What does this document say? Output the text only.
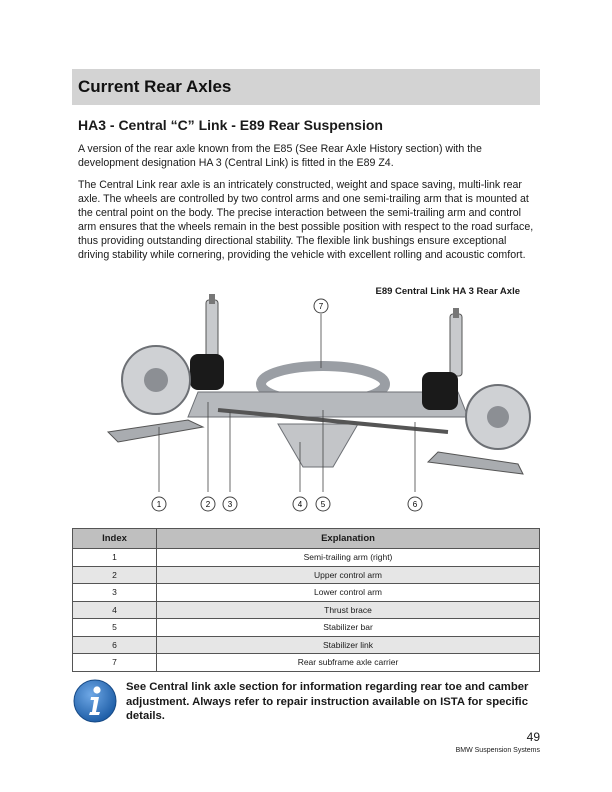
Current Rear Axles
HA3 - Central “C” Link - E89 Rear Suspension

A version of the rear axle known from the E85 (See Rear Axle History section) with the development designation HA 3 (Central Link) is fitted in the E89 Z4.

The Central Link rear axle is an intricately constructed, weight and space saving, multi-link rear axle. The wheels are controlled by two control arms and one semi-trailing arm that is mounted at the central point on the body. The precise interaction between the semi-trailing arm and control arm ensures that the wheels remain in the best possible position with respect to the road surface, thus providing outstanding directional stability. The flexible link bushings ensure exceptional driving stability while cornering, providing the vehicle with excellent rolling and acoustic comfort.

E89 Central Link HA 3 Rear Axle
1	2 3	4 5	6
7
Index	Explanation
1	Semi-trailing arm (right)
2	Upper control arm
3	Lower control arm
4	Thrust brace
5	Stabilizer bar
6	Stabilizer link
7	Rear subframe axle carrier

See Central link axle section for information regarding rear toe and camber adjustment. Always refer to repair instruction available on ISTA for specific details.

49
BMW Suspension Systems
